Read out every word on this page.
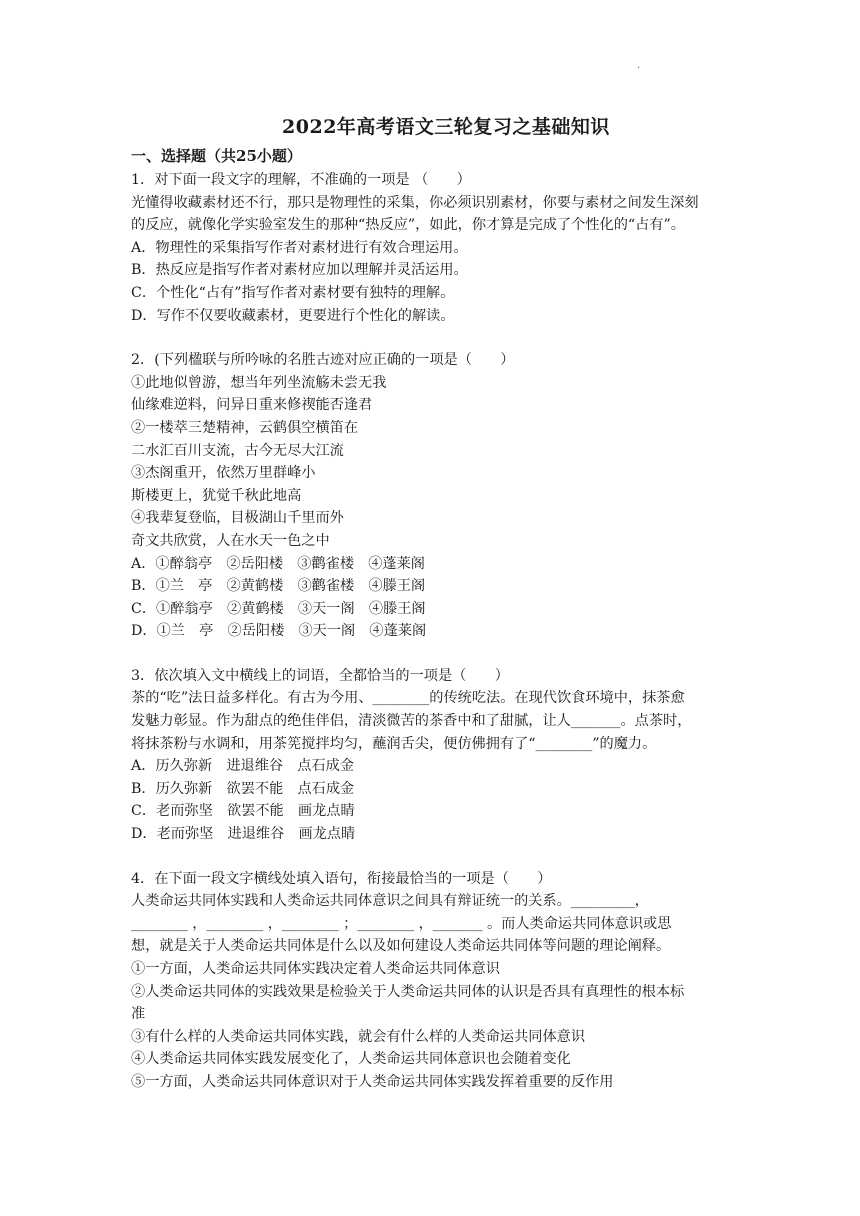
.
2022年高考语文三轮复习之基础知识
一、选择题（共25小题）
1．对下面一段文字的理解，不准确的一项是 （　　）
光懂得收藏素材还不行，那只是物理性的采集，你必须识别素材，你要与素材之间发生深刻
的反应，就像化学实验室发生的那种“热反应”，如此，你才算是完成了个性化的“占有”。
A．物理性的采集指写作者对素材进行有效合理运用。
B．热反应是指写作者对素材应加以理解并灵活运用。
C．个性化“占有”指写作者对素材要有独特的理解。
D．写作不仅要收藏素材，更要进行个性化的解读。
2．(下列楹联与所吟咏的名胜古迹对应正确的一项是（　　）
①此地似曾游，想当年列坐流觞未尝无我
仙缘难逆料，问异日重来修禊能否逢君
②一楼萃三楚精神，云鹤俱空横笛在
二水汇百川支流，古今无尽大江流
③杰阁重开，依然万里群峰小
斯楼更上，犹觉千秋此地高
④我辈复登临，目极湖山千里而外
奇文共欣赏，人在水天一色之中
A．①醉翁亭　②岳阳楼　③鹳雀楼　④蓬莱阁
B．①兰　亭　②黄鹤楼　③鹳雀楼　④滕王阁
C．①醉翁亭　②黄鹤楼　③天一阁　④滕王阁
D．①兰　亭　②岳阳楼　③天一阁　④蓬莱阁
3．依次填入文中横线上的词语，全都恰当的一项是（　　）
茶的“吃”法日益多样化。有古为今用、________的传统吃法。在现代饮食环境中，抹茶愈
发魅力彰显。作为甜点的绝佳伴侣，清淡微苦的茶香中和了甜腻，让人_______。点茶时，
将抹茶粉与水调和，用茶筅搅拌均匀，蘸润舌尖，便仿佛拥有了“________”的魔力。
A．历久弥新　进退维谷　点石成金
B．历久弥新　欲罢不能　点石成金
C．老而弥坚　欲罢不能　画龙点睛
D．老而弥坚　进退维谷　画龙点睛
4．在下面一段文字横线处填入语句，衔接最恰当的一项是（　　）
人类命运共同体实践和人类命运共同体意识之间具有辩证统一的关系。_________，
________ ，________ ，________ ；________ ，_______ 。而人类命运共同体意识或思
想，就是关于人类命运共同体是什么以及如何建设人类命运共同体等问题的理论阐释。
①一方面，人类命运共同体实践决定着人类命运共同体意识
②人类命运共同体的实践效果是检验关于人类命运共同体的认识是否具有真理性的根本标
准
③有什么样的人类命运共同体实践，就会有什么样的人类命运共同体意识
④人类命运共同体实践发展变化了，人类命运共同体意识也会随着变化
⑤一方面，人类命运共同体意识对于人类命运共同体实践发挥着重要的反作用
